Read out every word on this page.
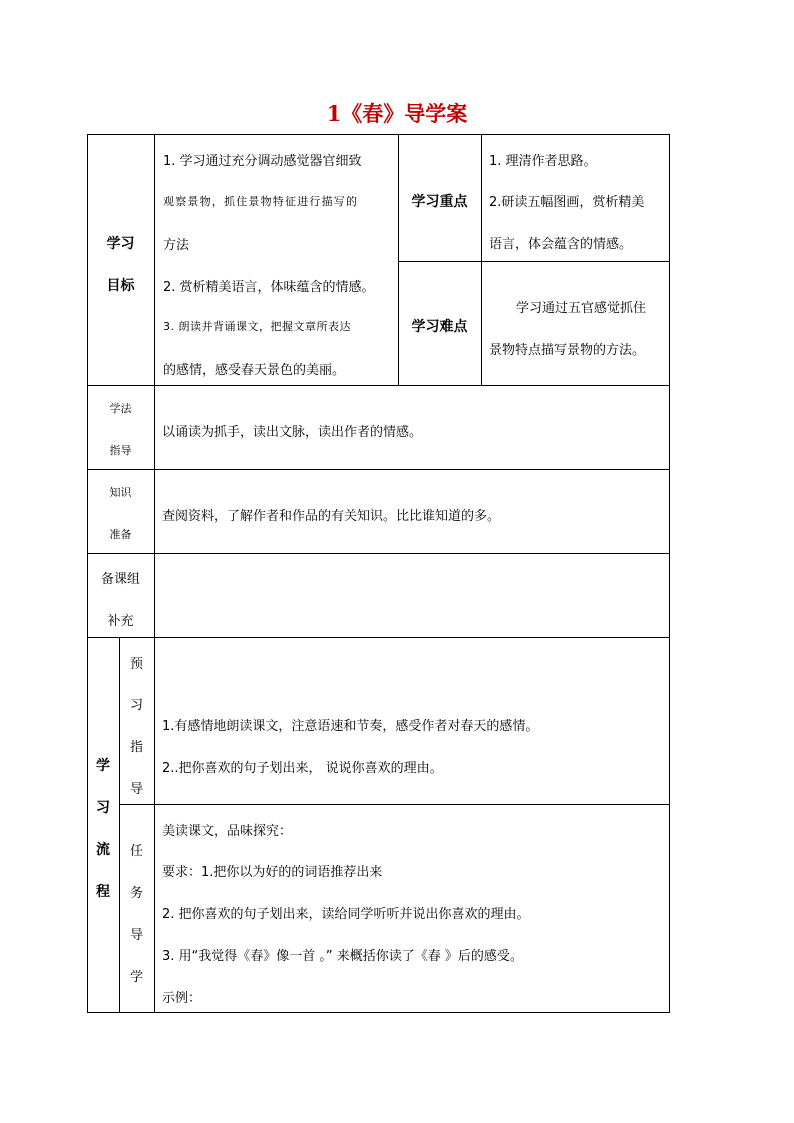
1《春》导学案
学习
目标
1. 学习通过充分调动感觉器官细致
观察景物，抓住景物特征进行描写的
方法
2. 赏析精美语言，体味蕴含的情感。
3. 朗读并背诵课文，把握文章所表达
的感情，感受春天景色的美丽。
学习重点
1. 理清作者思路。
2.研读五幅图画，赏析精美
语言，体会蕴含的情感。
学习难点
学习通过五官感觉抓住
景物特点描写景物的方法。
学法
指导
以诵读为抓手，读出文脉，读出作者的情感。
知识
准备
查阅资料，了解作者和作品的有关知识。比比谁知道的多。
备课组
补充
学
习
流
程
预
习
指
导
1.有感情地朗读课文，注意语速和节奏，感受作者对春天的感情。
2..把你喜欢的句子划出来， 说说你喜欢的理由。
任
务
导
学
美读课文，品味探究：
要求：1.把你以为好的的词语推荐出来
2. 把你喜欢的句子划出来，读给同学听听并说出你喜欢的理由。
3. 用“我觉得《春》像一首 。” 来概括你读了《春 》后的感受。
示例：
